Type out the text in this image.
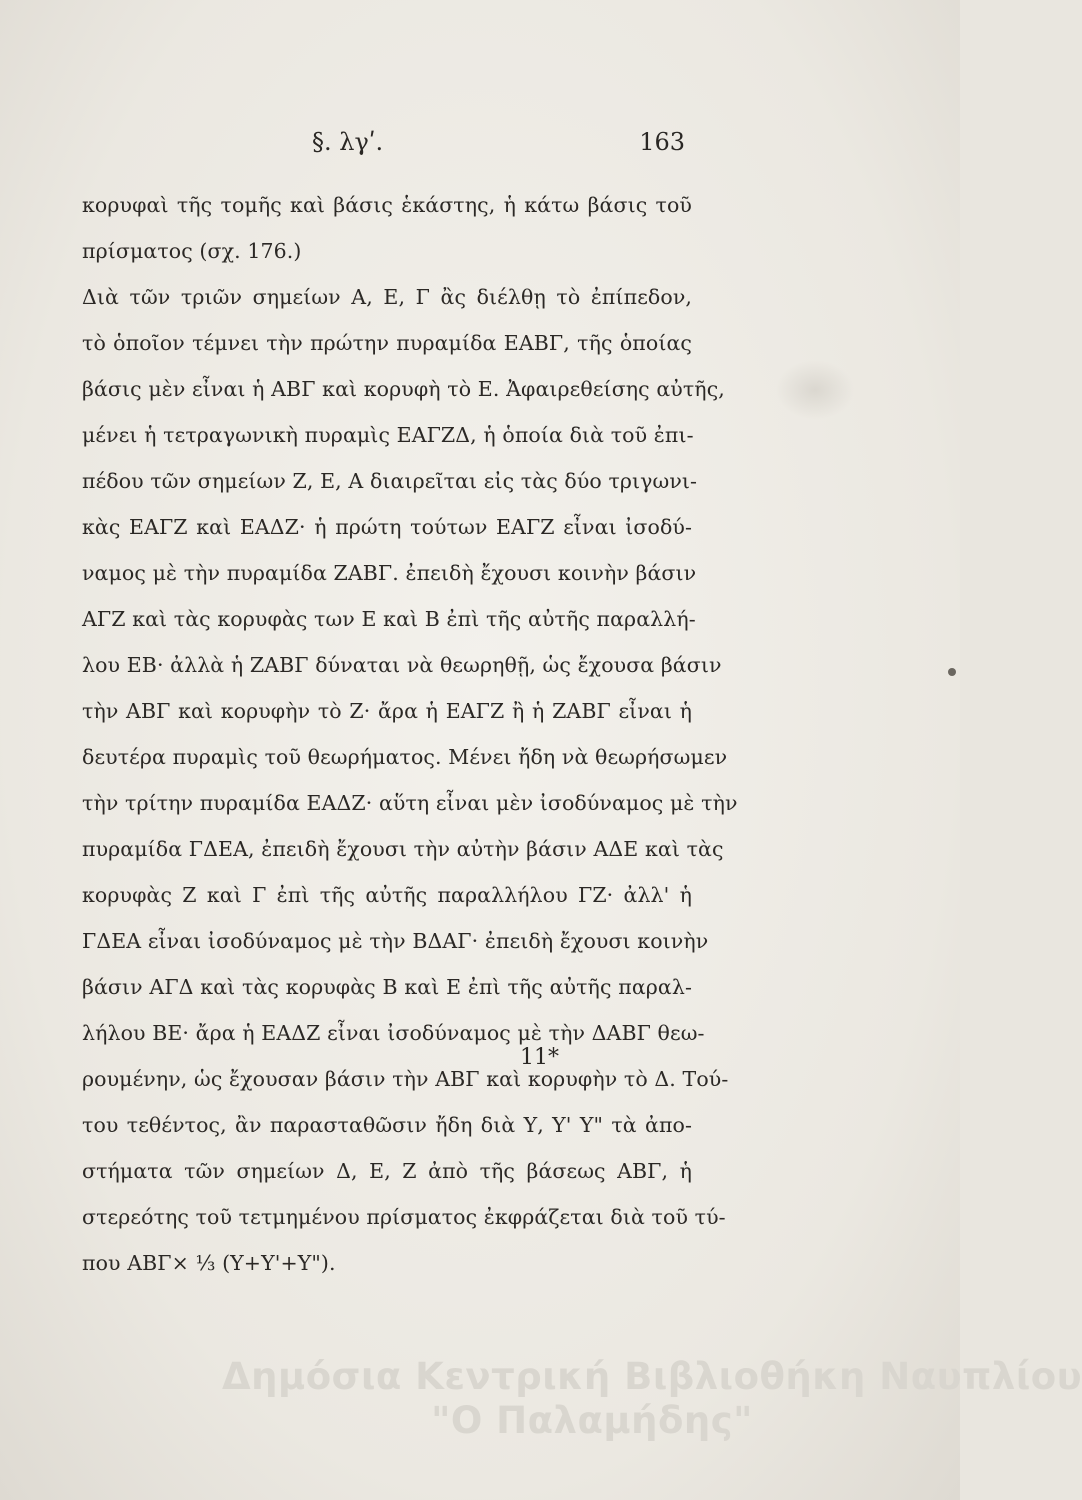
§. λγʹ.	163
κορυφαὶ τῆς τομῆς καὶ βάσις ἑκάστης, ἡ κάτω βάσις τοῦ
πρίσματος (σχ. 176.)
Διὰ τῶν τριῶν σημείων Α, Ε, Γ ἂς διέλθῃ τὸ ἐπίπεδον,
τὸ ὁποῖον τέμνει τὴν πρώτην πυραμίδα ΕΑΒΓ, τῆς ὁποίας
βάσις μὲν εἶναι ἡ ΑΒΓ καὶ κορυφὴ τὸ Ε. Ἀφαιρεθείσης αὐτῆς,
μένει ἡ τετραγωνικὴ πυραμὶς ΕΑΓΖΔ, ἡ ὁποία διὰ τοῦ ἐπι-
πέδου τῶν σημείων Ζ, Ε, Α διαιρεῖται εἰς τὰς δύο τριγωνι-
κὰς ΕΑΓΖ καὶ ΕΑΔΖ· ἡ πρώτη τούτων ΕΑΓΖ εἶναι ἰσοδύ-
ναμος μὲ τὴν πυραμίδα ΖΑΒΓ. ἐπειδὴ ἔχουσι κοινὴν βάσιν
ΑΓΖ καὶ τὰς κορυφὰς των Ε καὶ Β ἐπὶ τῆς αὐτῆς παραλλή-
λου ΕΒ· ἀλλὰ ἡ ΖΑΒΓ δύναται νὰ θεωρηθῇ, ὡς ἔχουσα βάσιν
τὴν ΑΒΓ καὶ κορυφὴν τὸ Ζ· ἄρα ἡ ΕΑΓΖ ἢ ἡ ΖΑΒΓ εἶναι ἡ
δευτέρα πυραμὶς τοῦ θεωρήματος. Μένει ἤδη νὰ θεωρήσωμεν
τὴν τρίτην πυραμίδα ΕΑΔΖ· αὕτη εἶναι μὲν ἰσοδύναμος μὲ τὴν
πυραμίδα ΓΔΕΑ, ἐπειδὴ ἔχουσι τὴν αὐτὴν βάσιν ΑΔΕ καὶ τὰς
κορυφὰς Ζ καὶ Γ ἐπὶ τῆς αὐτῆς παραλλήλου ΓΖ· ἀλλ' ἡ
ΓΔΕΑ εἶναι ἰσοδύναμος μὲ τὴν ΒΔΑΓ· ἐπειδὴ ἔχουσι κοινὴν
βάσιν ΑΓΔ καὶ τὰς κορυφὰς Β καὶ Ε ἐπὶ τῆς αὐτῆς παραλ-
λήλου ΒΕ· ἄρα ἡ ΕΑΔΖ εἶναι ἰσοδύναμος μὲ τὴν ΔΑΒΓ θεω-
ρουμένην, ὡς ἔχουσαν βάσιν τὴν ΑΒΓ καὶ κορυφὴν τὸ Δ. Τού-
του τεθέντος, ἂν παρασταθῶσιν ἤδη διὰ Υ, Υ' Υ" τὰ ἀπο-
στήματα τῶν σημείων Δ, Ε, Ζ ἀπὸ τῆς βάσεως ΑΒΓ, ἡ
στερεότης τοῦ τετμημένου πρίσματος ἐκφράζεται διὰ τοῦ τύ-
που ΑΒΓ× ⅓ (Υ+Υ'+Υ").
11*
Δημόσια Κεντρική Βιβλιοθήκη Ναυπλίου
"Ο Παλαμήδης"
